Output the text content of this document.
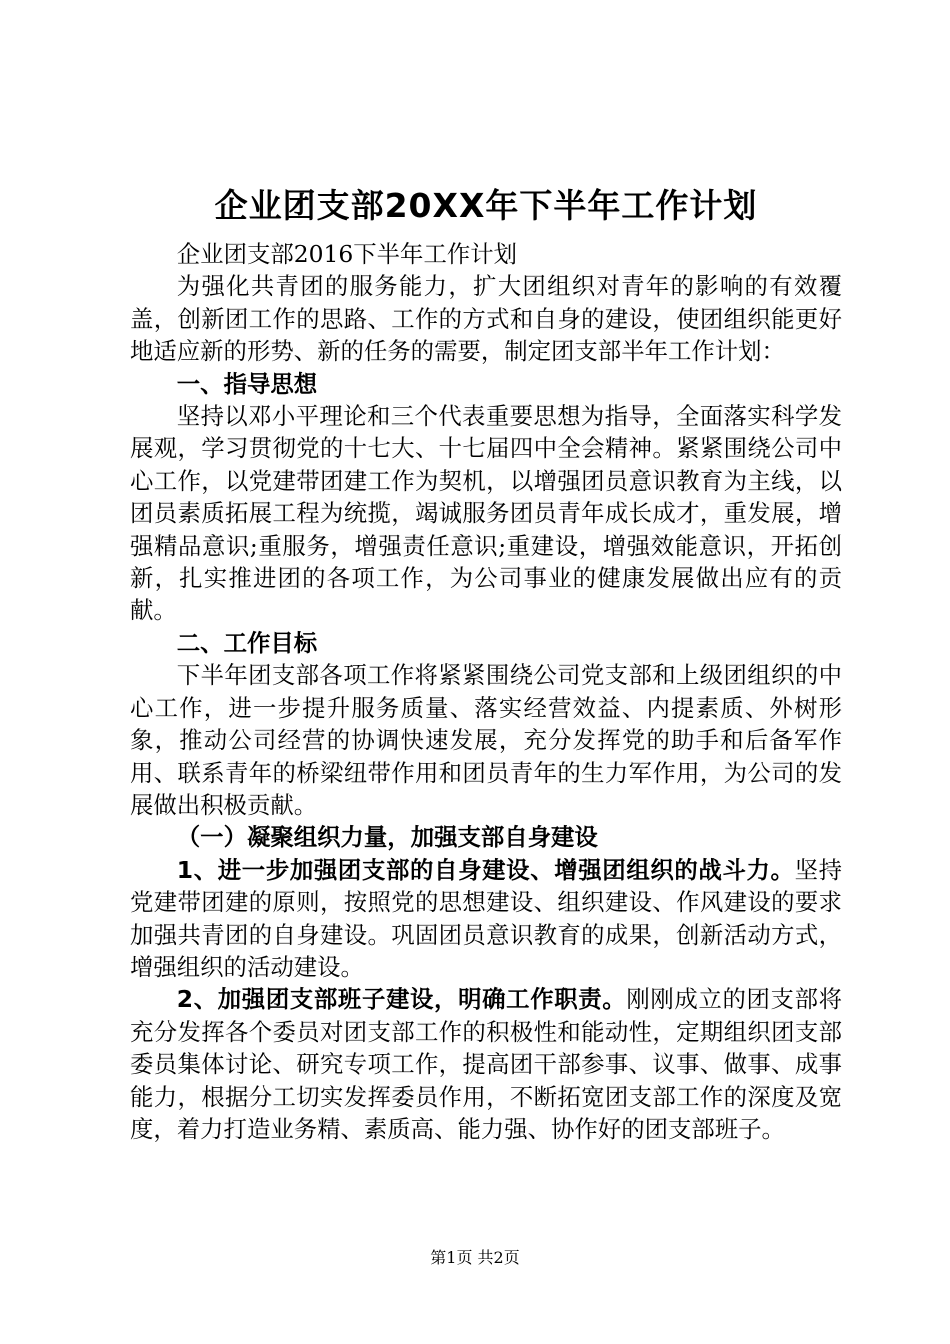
企业团支部20XX年下半年工作计划

企业团支部2016下半年工作计划

为强化共青团的服务能力，扩大团组织对青年的影响的有效覆盖，创新团工作的思路、工作的方式和自身的建设，使团组织能更好地适应新的形势、新的任务的需要，制定团支部半年工作计划：

一、指导思想

坚持以邓小平理论和三个代表重要思想为指导，全面落实科学发展观，学习贯彻党的十七大、十七届四中全会精神。紧紧围绕公司中心工作，以党建带团建工作为契机，以增强团员意识教育为主线，以团员素质拓展工程为统揽，竭诚服务团员青年成长成才，重发展，增强精品意识;重服务，增强责任意识;重建设，增强效能意识，开拓创新，扎实推进团的各项工作，为公司事业的健康发展做出应有的贡献。

二、工作目标

下半年团支部各项工作将紧紧围绕公司党支部和上级团组织的中心工作，进一步提升服务质量、落实经营效益、内提素质、外树形象，推动公司经营的协调快速发展，充分发挥党的助手和后备军作用、联系青年的桥梁纽带作用和团员青年的生力军作用，为公司的发展做出积极贡献。

（一）凝聚组织力量，加强支部自身建设

1、进一步加强团支部的自身建设、增强团组织的战斗力。坚持党建带团建的原则，按照党的思想建设、组织建设、作风建设的要求加强共青团的自身建设。巩固团员意识教育的成果，创新活动方式，增强组织的活动建设。

2、加强团支部班子建设，明确工作职责。刚刚成立的团支部将充分发挥各个委员对团支部工作的积极性和能动性，定期组织团支部委员集体讨论、研究专项工作，提高团干部参事、议事、做事、成事能力，根据分工切实发挥委员作用，不断拓宽团支部工作的深度及宽度，着力打造业务精、素质高、能力强、协作好的团支部班子。

第1页 共2页
